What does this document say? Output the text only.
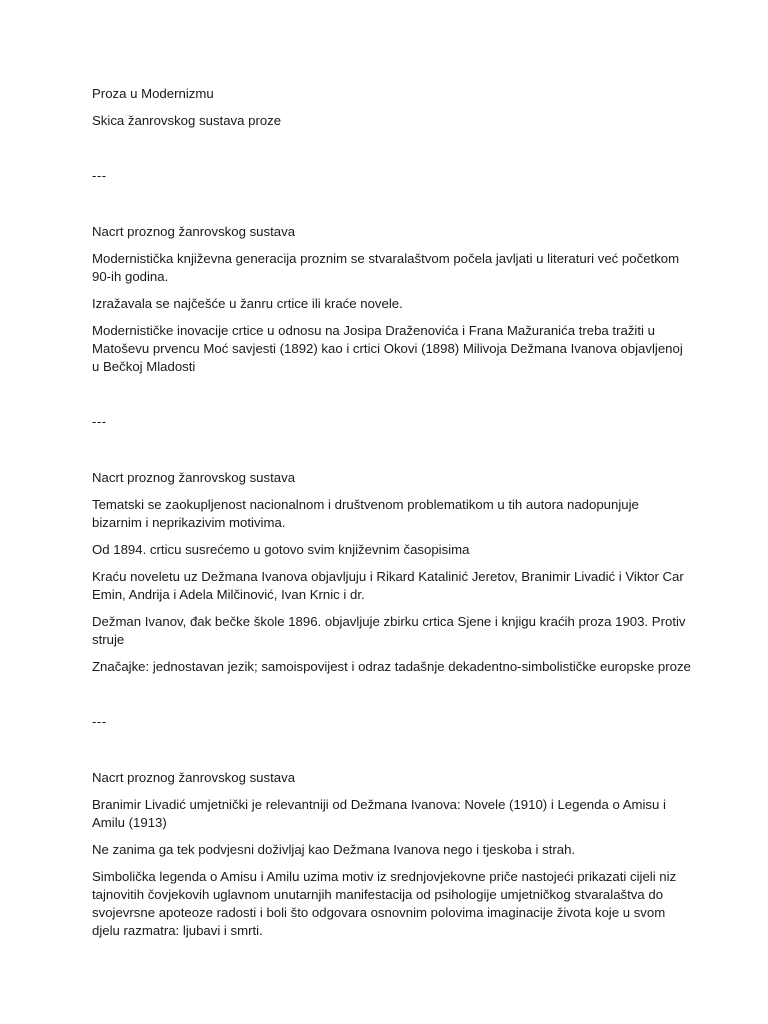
Proza u Modernizmu

Skica žanrovskog sustava proze

---

Nacrt proznog žanrovskog sustava

Modernistička književna generacija proznim se stvaralaštvom počela javljati u literaturi već početkom 90-ih godina.

Izražavala se najčešće u žanru crtice ili kraće novele.

Modernističke inovacije crtice u odnosu na Josipa Draženovića i Frana Mažuranića treba tražiti u Matoševu prvencu Moć savjesti (1892) kao i crtici Okovi (1898) Milivoja Dežmana Ivanova objavljenoj u Bečkoj Mladosti

---

Nacrt proznog žanrovskog sustava

Tematski se zaokupljenost nacionalnom i društvenom problematikom u tih autora nadopunjuje bizarnim i neprikazivim motivima.

Od 1894. crticu susrećemo u gotovo svim književnim časopisima

Kraću noveletu uz Dežmana Ivanova objavljuju i Rikard Katalinić Jeretov, Branimir Livadić i Viktor Car Emin, Andrija i Adela Milčinović, Ivan Krnic i dr.

Dežman Ivanov, đak bečke škole 1896. objavljuje zbirku crtica Sjene i knjigu kraćih proza 1903. Protiv struje

Značajke: jednostavan jezik; samoispovijest i odraz tadašnje dekadentno-simbolističke europske proze

---

Nacrt proznog žanrovskog sustava

Branimir Livadić umjetnički je relevantniji od Dežmana Ivanova: Novele (1910) i Legenda o Amisu i Amilu (1913)

Ne zanima ga tek podvjesni doživljaj kao Dežmana Ivanova nego i tjeskoba i strah.

Simbolička legenda o Amisu i Amilu uzima motiv iz srednjovjekovne priče nastojeći prikazati cijeli niz tajnovitih čovjekovih uglavnom unutarnjih manifestacija od psihologije umjetničkog stvaralaštva do svojevrsne apoteoze radosti i boli što odgovara osnovnim polovima imaginacije života koje u svom djelu razmatra: ljubavi i smrti.
